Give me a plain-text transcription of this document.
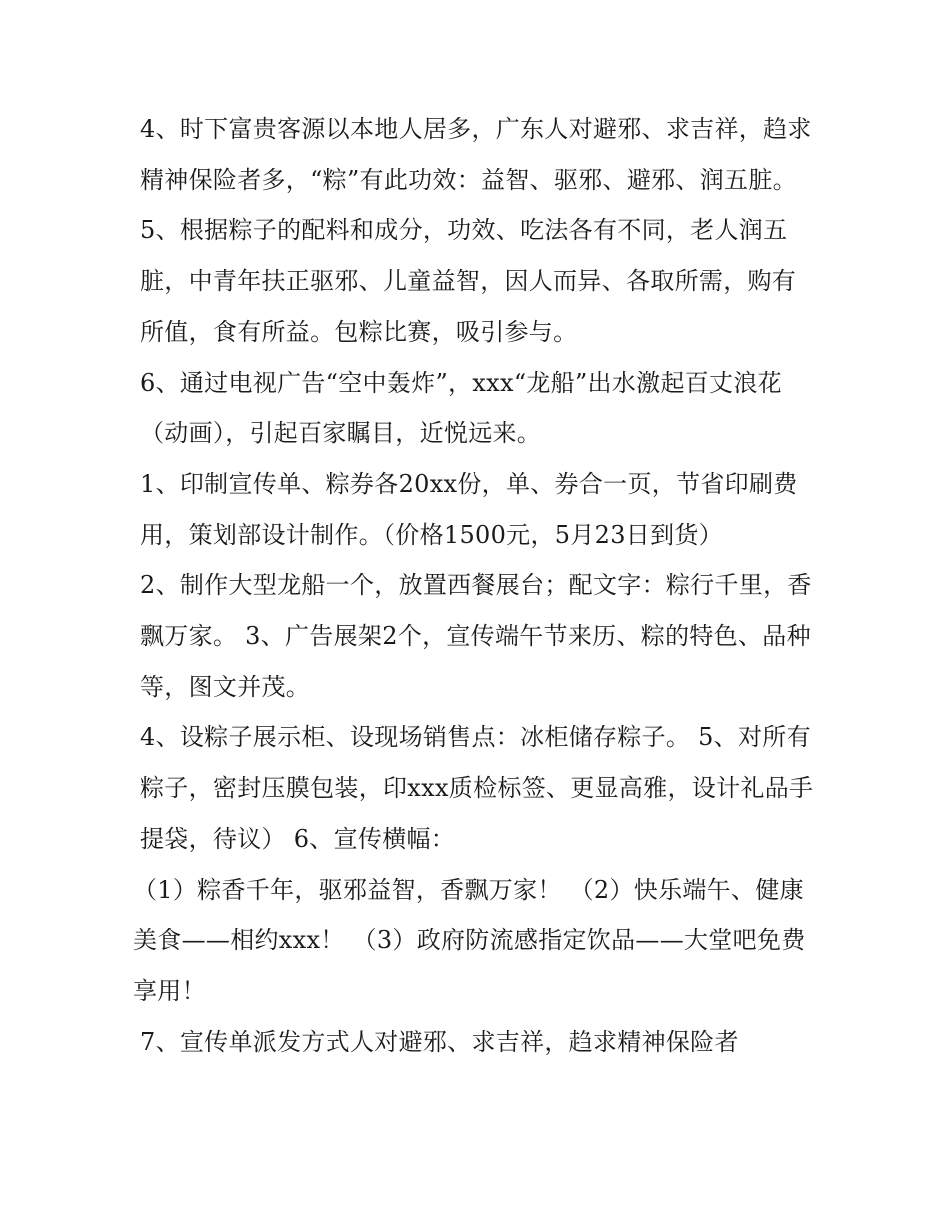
4、时下富贵客源以本地人居多，广东人对避邪、求吉祥，趋求精神保险者多，“粽”有此功效：益智、驱邪、避邪、润五脏。

5、根据粽子的配料和成分，功效、吃法各有不同，老人润五脏，中青年扶正驱邪、儿童益智，因人而异、各取所需，购有所值，食有所益。包粽比赛，吸引参与。

6、通过电视广告“空中轰炸”，xxx“龙船”出水激起百丈浪花（动画），引起百家瞩目，近悦远来。

1、印制宣传单、粽券各20xx份，单、券合一页，节省印刷费用，策划部设计制作。（价格1500元，5月23日到货）

2、制作大型龙船一个，放置西餐展台；配文字：粽行千里，香飘万家。 3、广告展架2个，宣传端午节来历、粽的特色、品种等，图文并茂。

4、设粽子展示柜、设现场销售点：冰柜储存粽子。 5、对所有粽子，密封压膜包装，印xxx质检标签、更显高雅，设计礼品手提袋，待议） 6、宣传横幅：

（1）粽香千年，驱邪益智，香飘万家！ （2）快乐端午、健康美食——相约xxx！ （3）政府防流感指定饮品——大堂吧免费享用！

7、宣传单派发方式人对避邪、求吉祥，趋求精神保险者
